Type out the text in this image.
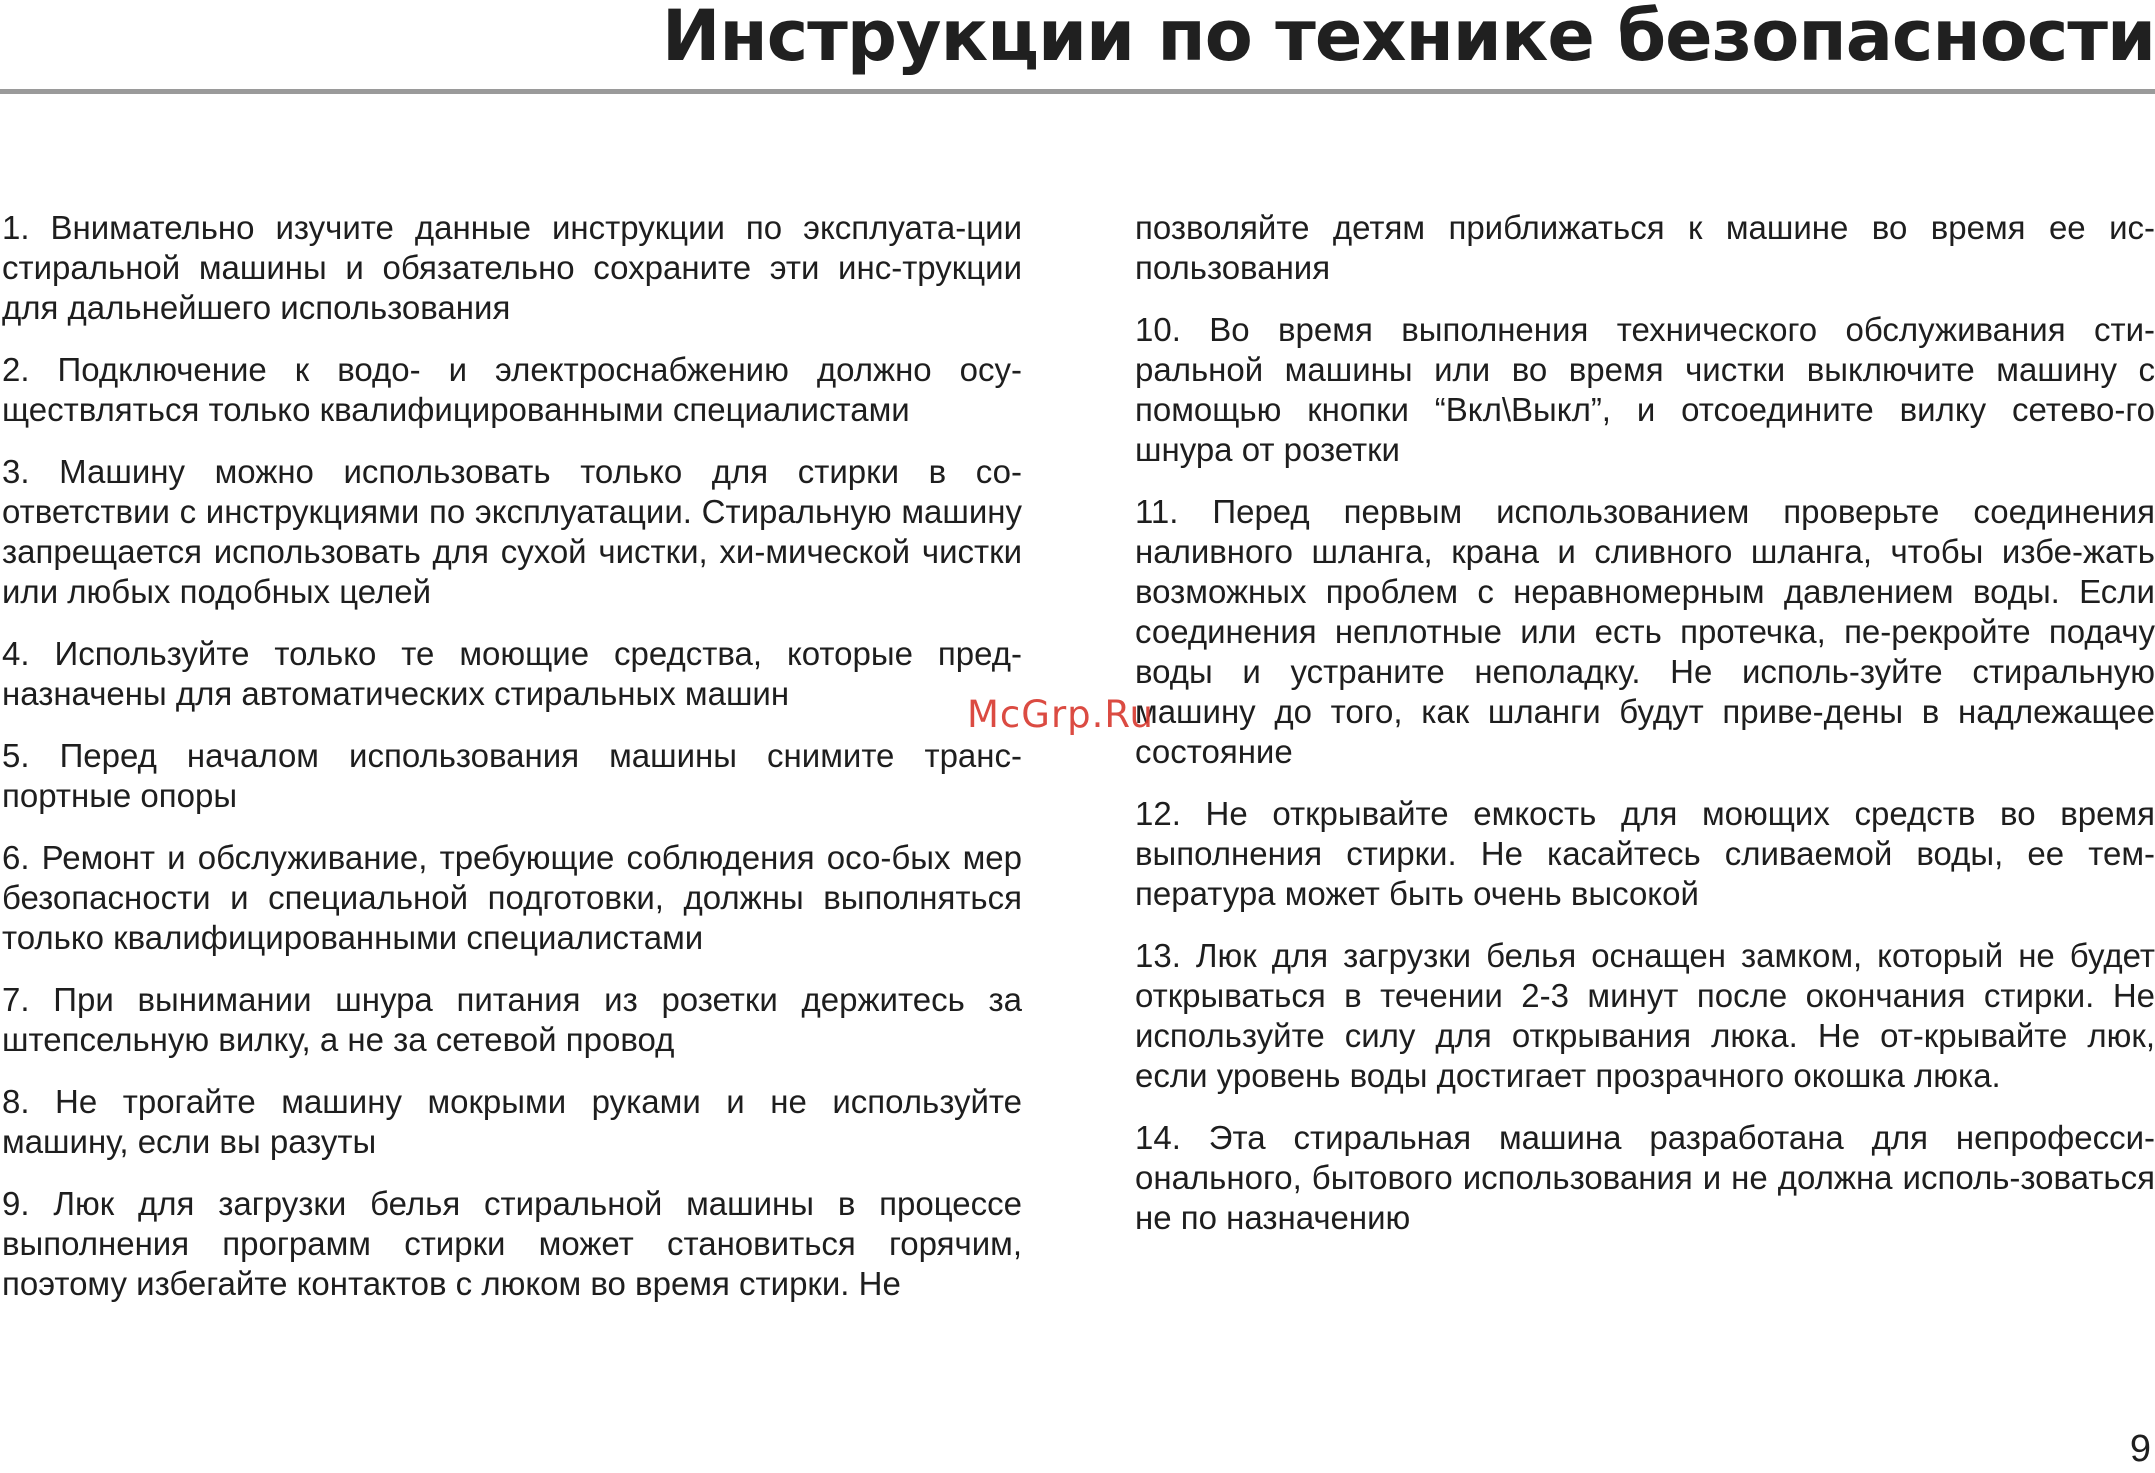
Инструкции по технике безопасности

1. Внимательно изучите данные инструкции по эксплуата-ции стиральной машины и обязательно сохраните эти инс-трукции для дальнейшего использования

2. Подключение к водо- и электроснабжению должно осу-ществляться только квалифицированными специалистами

3. Машину можно использовать только для стирки в со-ответствии с инструкциями по эксплуатации. Стиральную машину запрещается использовать для сухой чистки, хи-мической чистки или любых подобных целей

4. Используйте только те моющие средства, которые пред-назначены для автоматических стиральных машин

5. Перед началом использования машины снимите транс-портные опоры

6. Ремонт и обслуживание, требующие соблюдения осо-бых мер безопасности и специальной подготовки, должны выполняться только квалифицированными специалистами

7. При вынимании шнура питания из розетки держитесь за штепсельную вилку, а не за сетевой провод

8. Не трогайте машину мокрыми руками и не используйте машину, если вы разуты

9. Люк для загрузки белья стиральной машины в процессе выполнения программ стирки может становиться горячим, поэтому избегайте контактов с люком во время стирки. Не

позволяйте детям приближаться к машине во время ее ис-пользования

10. Во время выполнения технического обслуживания сти-ральной машины или во время чистки выключите машину с помощью кнопки “Вкл\Выкл”, и отсоедините вилку сетево-го шнура от розетки

11. Перед первым использованием проверьте соединения наливного шланга, крана и сливного шланга, чтобы избе-жать возможных проблем с неравномерным давлением воды. Если соединения неплотные или есть протечка, пе-рекройте подачу воды и устраните неполадку. Не исполь-зуйте стиральную машину до того, как шланги будут приве-дены в надлежащее состояние

12. Не открывайте емкость для моющих средств во время выполнения стирки. Не касайтесь сливаемой воды, ее тем-пература может быть очень высокой

13. Люк для загрузки белья оснащен замком, который не будет открываться в течении 2-3 минут после окончания стирки. Не используйте силу для открывания люка. Не от-крывайте люк, если уровень воды достигает прозрачного окошка люка.

14. Эта стиральная машина разработана для непрофесси-онального, бытового использования и не должна исполь-зоваться не по назначению

McGrp.Ru
9
